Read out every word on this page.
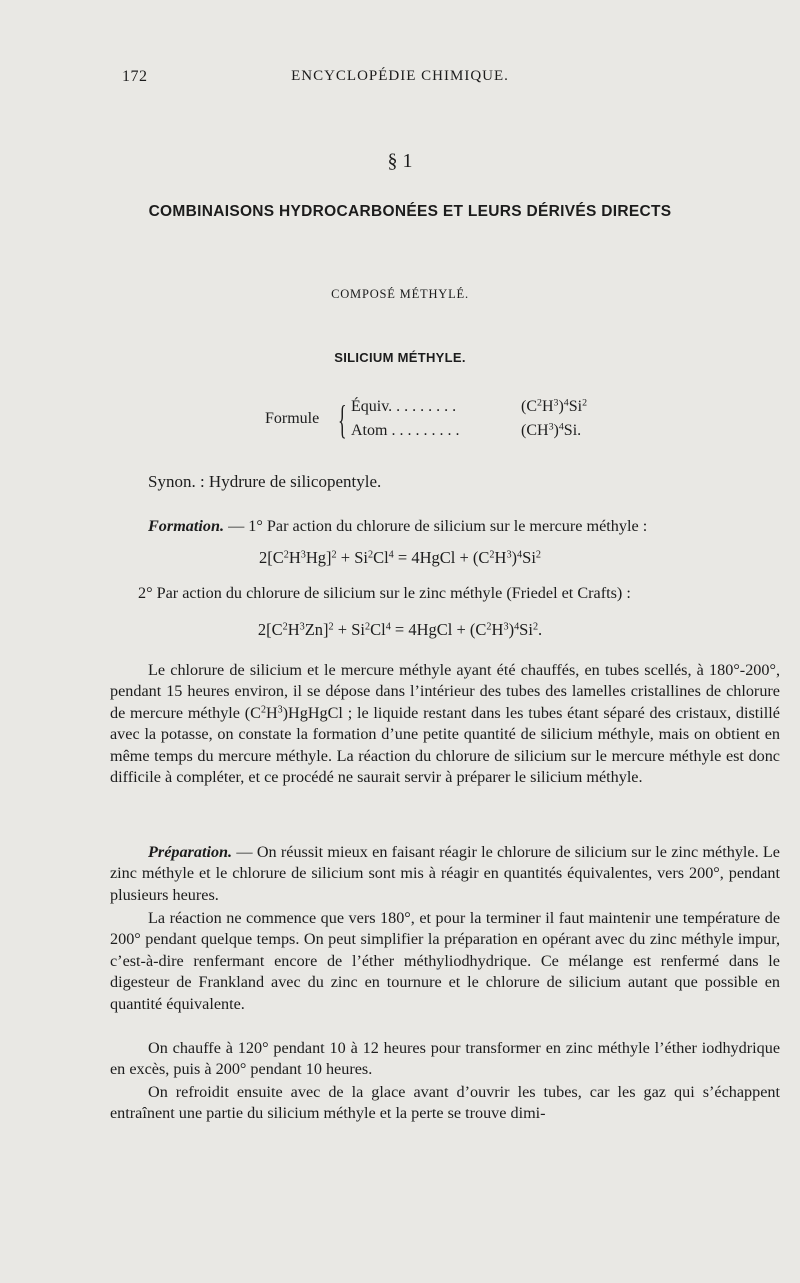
172	ENCYCLOPÉDIE CHIMIQUE.
§ 1
COMBINAISONS HYDROCARBONÉES ET LEURS DÉRIVÉS DIRECTS
COMPOSÉ MÉTHYLÉ.
SILICIUM MÉTHYLE.
Formule { Équiv. . . . . . . . .	$(C^2H^3)^4Si^2$
Atom . . . . . . . . .	$(CH^3)^4Si$.
Synon. : Hydrure de silicopentyle.
Formation. — 1° Par action du chlorure de silicium sur le mercure méthyle :
$2[C^2H^3Hg]^2 + Si^2Cl^4$ = 4HgCl + $(C^2H^3)^4Si^2$
2° Par action du chlorure de silicium sur le zinc méthyle (Friedel et Crafts) :
$2[C^2H^3Zn]^2 + Si^2Cl^4$ = 4HgCl + $(C^2H^3)^4Si^2$.
Le chlorure de silicium et le mercure méthyle ayant été chauffés, en tubes scellés, à 180°-200°, pendant 15 heures environ, il se dépose dans l’intérieur des tubes des lamelles cristallines de chlorure de mercure méthyle $(C^2H^3)HgHgCl$ ; le liquide restant dans les tubes étant séparé des cristaux, distillé avec la potasse, on constate la formation d’une petite quantité de silicium méthyle, mais on obtient en même temps du mercure méthyle. La réaction du chlorure de silicium sur le mercure méthyle est donc difficile à compléter, et ce procédé ne saurait servir à préparer le silicium méthyle.
Préparation. — On réussit mieux en faisant réagir le chlorure de silicium sur le zinc méthyle. Le zinc méthyle et le chlorure de silicium sont mis à réagir en quantités équivalentes, vers 200°, pendant plusieurs heures.
La réaction ne commence que vers 180°, et pour la terminer il faut maintenir une température de 200° pendant quelque temps. On peut simplifier la préparation en opérant avec du zinc méthyle impur, c’est-à-dire renfermant encore de l’éther méthyliodhydrique. Ce mélange est renfermé dans le digesteur de Frankland avec du zinc en tournure et le chlorure de silicium autant que possible en quantité équivalente.
On chauffe à 120° pendant 10 à 12 heures pour transformer en zinc méthyle l’éther iodhydrique en excès, puis à 200° pendant 10 heures.
On refroidit ensuite avec de la glace avant d’ouvrir les tubes, car les gaz qui s’échappent entraînent une partie du silicium méthyle et la perte se trouve dimi-
